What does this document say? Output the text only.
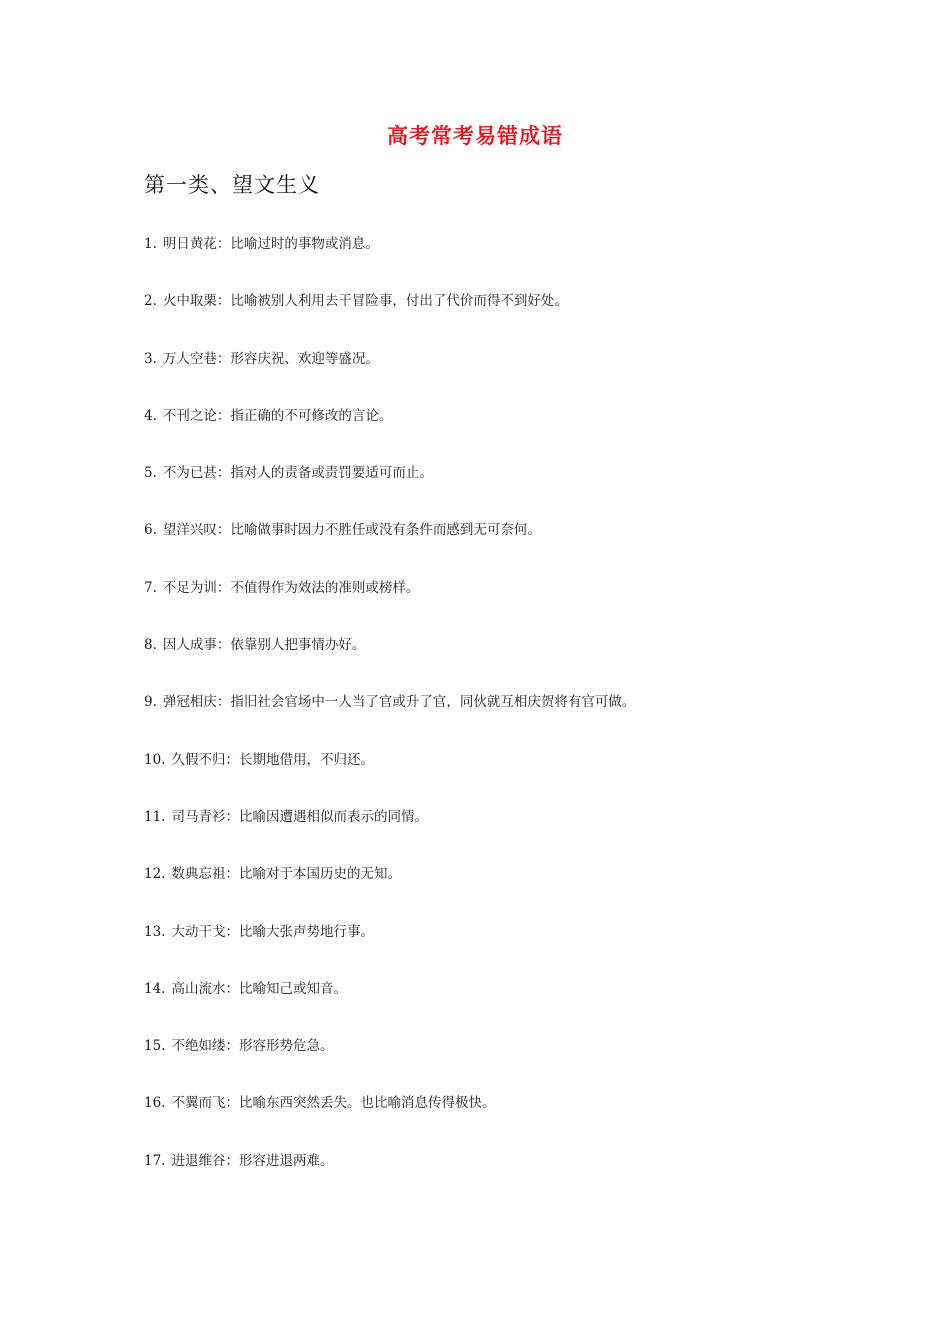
高考常考易错成语
第一类、望文生义
1. 明日黄花：比喻过时的事物或消息。
2. 火中取栗：比喻被别人利用去干冒险事，付出了代价而得不到好处。
3. 万人空巷：形容庆祝、欢迎等盛况。
4. 不刊之论：指正确的不可修改的言论。
5. 不为已甚：指对人的责备或责罚要适可而止。
6. 望洋兴叹：比喻做事时因力不胜任或没有条件而感到无可奈何。
7. 不足为训：不值得作为效法的准则或榜样。
8. 因人成事：依靠别人把事情办好。
9. 弹冠相庆：指旧社会官场中一人当了官或升了官，同伙就互相庆贺将有官可做。
10. 久假不归：长期地借用，不归还。
11. 司马青衫：比喻因遭遇相似而表示的同情。
12. 数典忘祖：比喻对于本国历史的无知。
13. 大动干戈：比喻大张声势地行事。
14. 高山流水：比喻知己或知音。
15. 不绝如缕：形容形势危急。
16. 不翼而飞：比喻东西突然丢失。也比喻消息传得极快。
17. 进退维谷：形容进退两难。
